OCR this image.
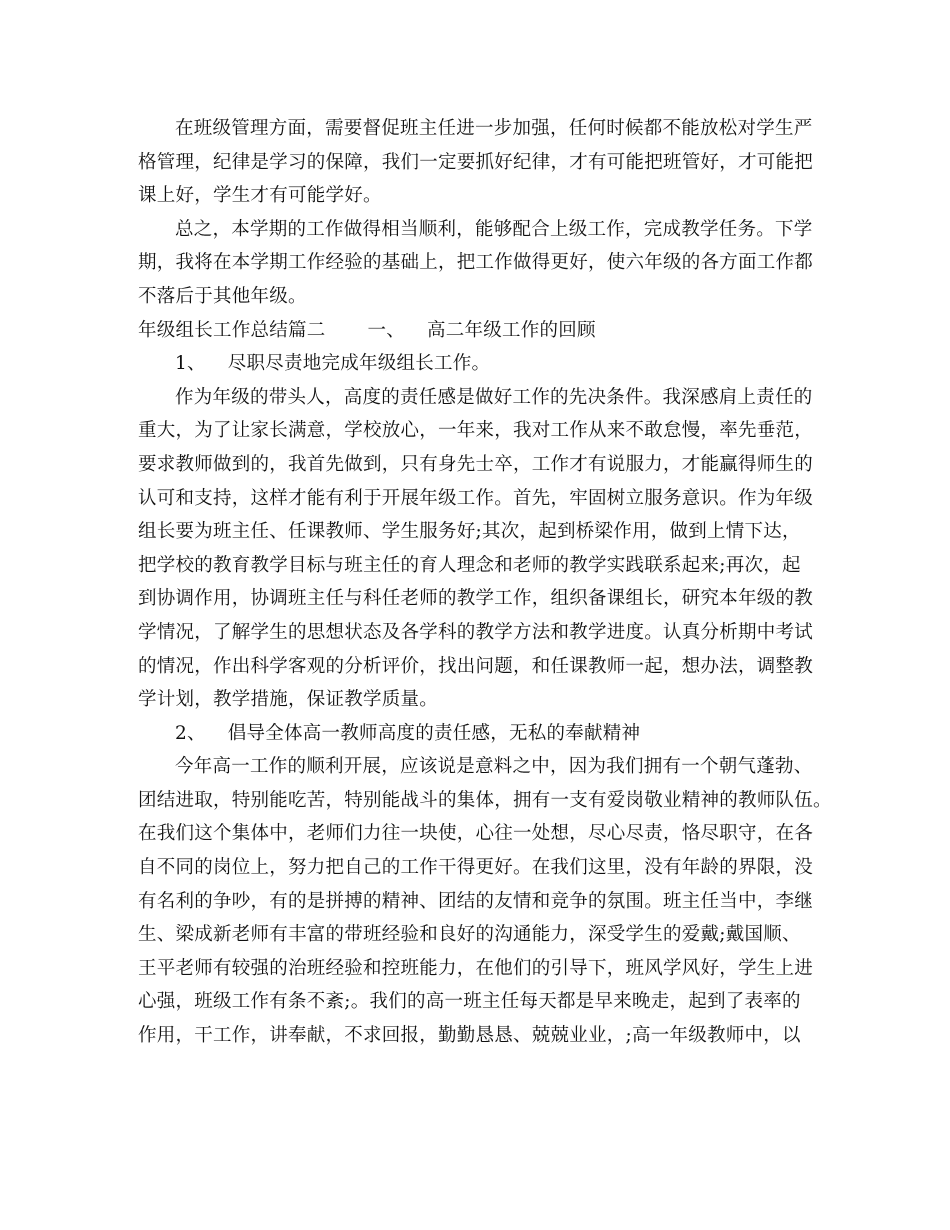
在班级管理方面，需要督促班主任进一步加强，任何时候都不能放松对学生严
格管理，纪律是学习的保障，我们一定要抓好纪律，才有可能把班管好，才可能把
课上好，学生才有可能学好。
总之，本学期的工作做得相当顺利，能够配合上级工作，完成教学任务。下学
期，我将在本学期工作经验的基础上，把工作做得更好，使六年级的各方面工作都
不落后于其他年级。
年级组长工作总结篇二 一、 高二年级工作的回顾
1、 尽职尽责地完成年级组长工作。
作为年级的带头人，高度的责任感是做好工作的先决条件。我深感肩上责任的
重大，为了让家长满意，学校放心，一年来，我对工作从来不敢怠慢，率先垂范，
要求教师做到的，我首先做到，只有身先士卒，工作才有说服力，才能赢得师生的
认可和支持，这样才能有利于开展年级工作。首先，牢固树立服务意识。作为年级
组长要为班主任、任课教师、学生服务好;其次，起到桥梁作用，做到上情下达，
把学校的教育教学目标与班主任的育人理念和老师的教学实践联系起来;再次，起
到协调作用，协调班主任与科任老师的教学工作，组织备课组长，研究本年级的教
学情况，了解学生的思想状态及各学科的教学方法和教学进度。认真分析期中考试
的情况，作出科学客观的分析评价，找出问题，和任课教师一起，想办法，调整教
学计划，教学措施，保证教学质量。
2、 倡导全体高一教师高度的责任感，无私的奉献精神
今年高一工作的顺利开展，应该说是意料之中，因为我们拥有一个朝气蓬勃、
团结进取，特别能吃苦，特别能战斗的集体，拥有一支有爱岗敬业精神的教师队伍。
在我们这个集体中，老师们力往一块使，心往一处想，尽心尽责，恪尽职守，在各
自不同的岗位上，努力把自己的工作干得更好。在我们这里，没有年龄的界限，没
有名利的争吵，有的是拼搏的精神、团结的友情和竞争的氛围。班主任当中，李继
生、梁成新老师有丰富的带班经验和良好的沟通能力，深受学生的爱戴;戴国顺、
王平老师有较强的治班经验和控班能力，在他们的引导下，班风学风好，学生上进
心强，班级工作有条不紊;。我们的高一班主任每天都是早来晚走，起到了表率的
作用，干工作，讲奉献，不求回报，勤勤恳恳、兢兢业业，;高一年级教师中，以
